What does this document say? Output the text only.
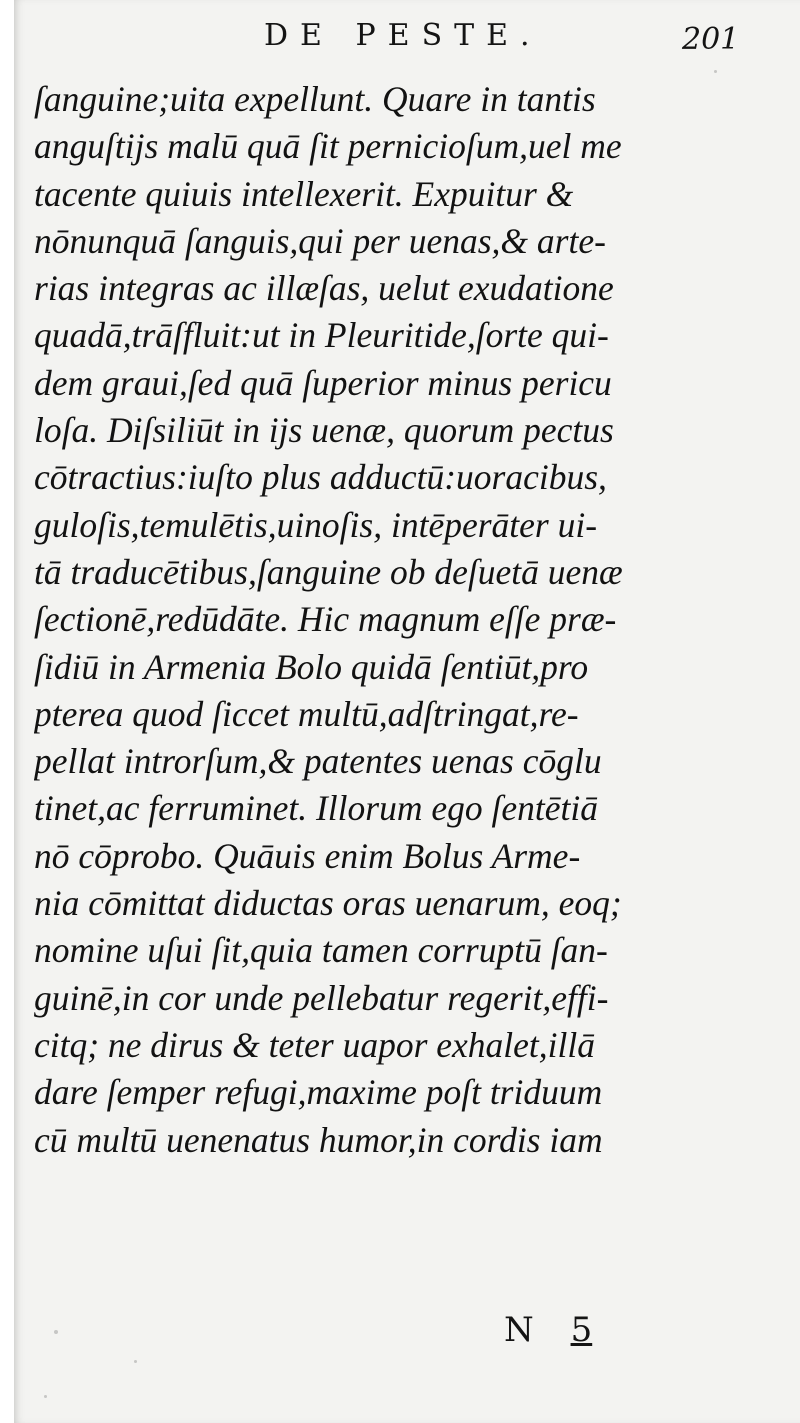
DE PESTE.	201
ſanguine;uita expellunt. Quare in tantis
anguſtijs malū quā ſit pernicioſum,uel me
tacente quiuis intellexerit. Expuitur &
nōnunquā ſanguis,qui per uenas,& arte-
rias integras ac illæſas, uelut exudatione
quadā,trāſfluit:ut in Pleuritide,ſorte qui-
dem graui,ſed quā ſuperior minus pericu
loſa. Diſsiliūt in ijs uenæ, quorum pectus
cōtractius:iuſto plus adductū:uoracibus,
guloſis,temulētis,uinoſis, intēperāter ui-
tā traducētibus,ſanguine ob deſuetā uenæ
ſectionē,redūdāte. Hic magnum eſſe præ-
ſidiū in Armenia Bolo quidā ſentiūt,pro
pterea quod ſiccet multū,adſtringat,re-
pellat introrſum,& patentes uenas cōglu
tinet,ac ferruminet. Illorum ego ſentētiā
nō cōprobo. Quāuis enim Bolus Arme-
nia cōmittat diductas oras uenarum, eoq;
nomine uſui ſit,quia tamen corruptū ſan-
guinē,in cor unde pellebatur regerit,effi-
citq; ne dirus & teter uapor exhalet,illā
dare ſemper refugi,maxime poſt triduum
cū multū uenenatus humor,in cordis iam
N 5
